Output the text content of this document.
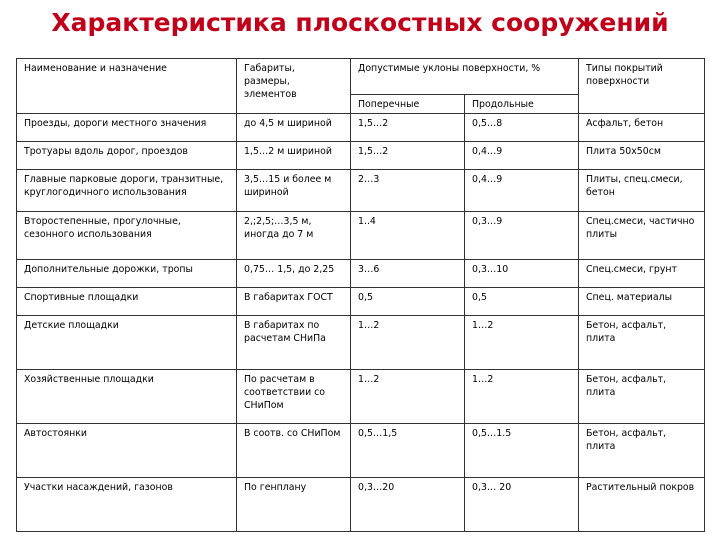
Характеристика плоскостных сооружений
Наименование и назначение	Габариты, размеры, элементов	Допустимые уклоны поверхности, %		Типы покрытий поверхности
		Поперечные	Продольные	
Проезды, дороги местного значения	до 4,5 м шириной	1,5…2	0,5…8	Асфальт, бетон
Тротуары вдоль дорог, проездов	1,5…2 м шириной	1,5…2	0,4…9	Плита 50х50см
Главные парковые дороги, транзитные, круглогодичного использования	3,5…15 и более м шириной	2…3	0,4…9	Плиты, спец.смеси, бетон
Второстепенные, прогулочные, сезонного использования	2,;2,5;…3,5 м, иногда до 7 м	1..4	0,3…9	Спец.смеси, частично плиты
Дополнительные дорожки, тропы	0,75… 1,5, до 2,25	3…6	0,3…10	Спец.смеси, грунт
Спортивные площадки	В габаритах ГОСТ	0,5	0,5	Спец. материалы
Детские площадки	В габаритах по расчетам СНиПа	1…2	1…2	Бетон, асфальт, плита
Хозяйственные площадки	По расчетам в соответствии со СНиПом	1…2	1…2	Бетон, асфальт, плита
Автостоянки	В соотв. со СНиПом	0,5…1,5	0,5…1.5	Бетон, асфальт, плита
Участки насаждений, газонов	По генплану	0,3…20	0,3… 20	Растительный покров
